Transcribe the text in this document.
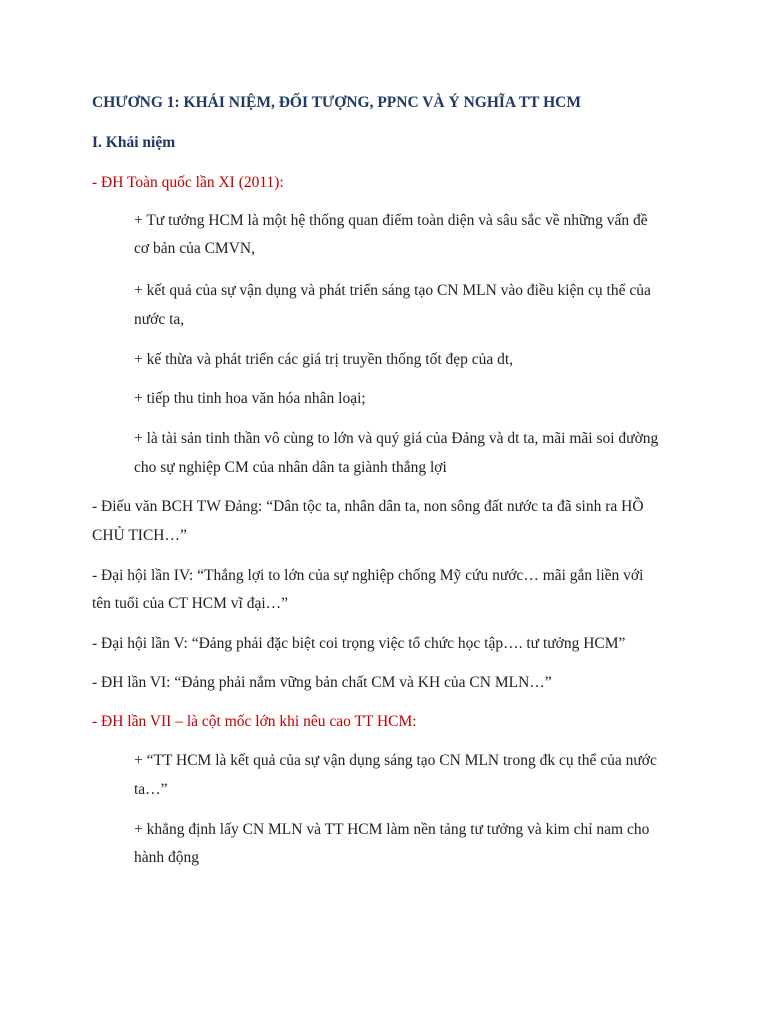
CHƯƠNG 1: KHÁI NIỆM, ĐỐI TƯỢNG, PPNC VÀ Ý NGHĨA TT HCM
I. Khái niệm
- ĐH Toàn quốc lần XI (2011):
+ Tư tưởng HCM là một hệ thống quan điểm toàn diện và sâu sắc về những vấn đề
cơ bản của CMVN,
+ kết quả của sự vận dụng và phát triển sáng tạo CN MLN vào điều kiện cụ thể của
nước ta,
+ kế thừa và phát triển các giá trị truyền thống tốt đẹp của dt,
+ tiếp thu tinh hoa văn hóa nhân loại;
+ là tài sản tinh thần vô cùng to lớn và quý giá của Đảng và dt ta, mãi mãi soi đường
cho sự nghiệp CM của nhân dân ta giành thắng lợi
- Điếu văn BCH TW Đảng: “Dân tộc ta, nhân dân ta, non sông đất nước ta đã sinh ra HỒ
CHỦ TICH…”
- Đại hội lần IV: “Thắng lợi to lớn của sự nghiệp chống Mỹ cứu nước… mãi gắn liền với
tên tuổi của CT HCM vĩ đại…”
- Đại hội lần V: “Đảng phải đặc biệt coi trọng việc tổ chức học tập…. tư tưởng HCM”
- ĐH lần VI: “Đảng phải nắm vững bản chất CM và KH của CN MLN…”
- ĐH lần VII – là cột mốc lớn khi nêu cao TT HCM:
+ “TT HCM là kết quả của sự vận dụng sáng tạo CN MLN trong đk cụ thể của nước
ta…”
+ khẳng định lấy CN MLN và TT HCM làm nền tảng tư tưởng và kim chỉ nam cho
hành động
